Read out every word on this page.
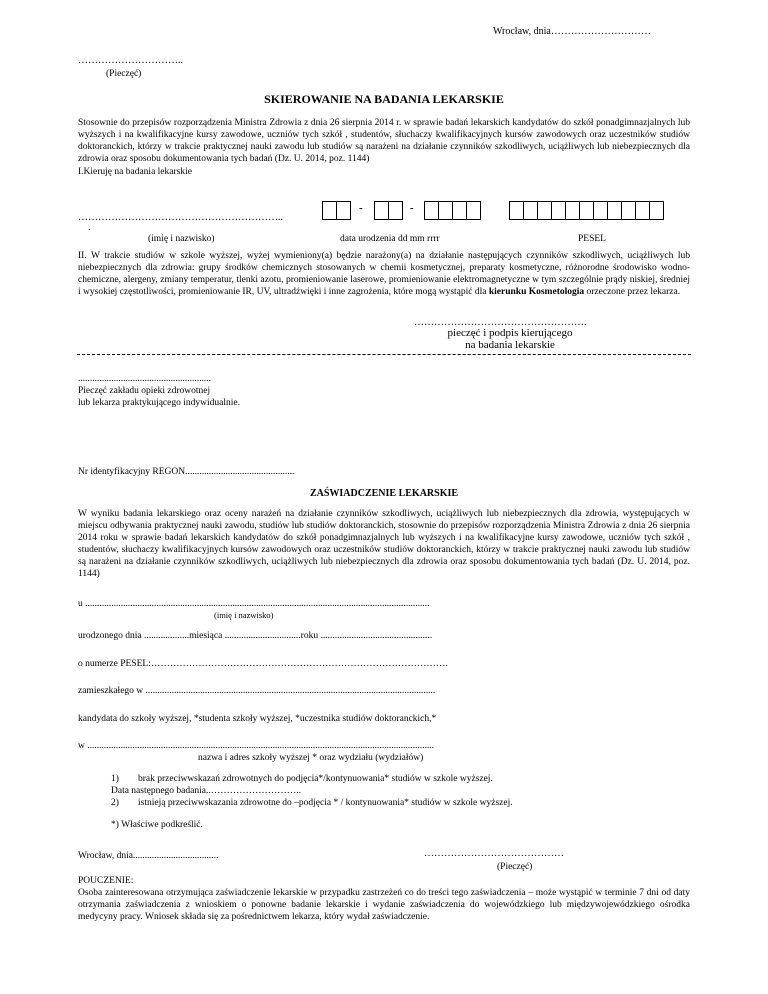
Wrocław, dnia…………………………
…………………………..
(Pieczęć)
SKIEROWANIE NA BADANIA LEKARSKIE
Stosownie do przepisów rozporządzenia Ministra Zdrowia z dnia 26 sierpnia 2014 r. w sprawie badań lekarskich kandydatów do szkół ponadgimnazjalnych lub wyższych i na kwalifikacyjne kursy zawodowe, uczniów tych szkół , studentów, słuchaczy kwalifikacyjnych kursów zawodowych oraz uczestników studiów doktoranckich, którzy w trakcie praktycznej nauki zawodu lub studiów są narażeni na działanie czynników szkodliwych, uciążliwych lub niebezpiecznych dla zdrowia oraz sposobu dokumentowania tych badań (Dz. U. 2014, poz. 1144)
I.Kieruję na badania lekarskie
……………………………………………………..
.
(imię i nazwisko)
-	-
data urodzenia dd mm rrrr	PESEL
II. W trakcie studiów w szkole wyższej, wyżej wymieniony(a) będzie narażony(a) na działanie następujących czynników szkodliwych, uciążliwych lub niebezpiecznych dla zdrowia: grupy środków chemicznych stosowanych w chemii kosmetycznej, preparaty kosmetyczne, różnorodne środowisko wodno-chemiczne, alergeny, zmiany temperatur, tlenki azotu, promieniowanie laserowe, promieniowanie elektromagnetyczne w tym szczególnie prądy niskiej, średniej i wysokiej częstotliwości, promieniowanie IR, UV, ultradźwięki i inne zagrożenia, które mogą wystąpić dla kierunku Kosmetologia orzeczone przez lekarza.
…………………………………………….
pieczęć i podpis kierującego
na badania lekarskie
........................................................
Pieczęć zakładu opieki zdrowotnej
lub lekarza praktykującego indywidualnie.
Nr identyfikacyjny REGON..............................................
ZAŚWIADCZENIE LEKARSKIE
W wyniku badania lekarskiego oraz oceny narażeń na działanie czynników szkodliwych, uciążliwych lub niebezpiecznych dla zdrowia, występujących w miejscu odbywania praktycznej nauki zawodu, studiów lub studiów doktoranckich, stosownie do przepisów rozporządzenia Ministra Zdrowia z dnia 26 sierpnia 2014 roku w sprawie badań lekarskich kandydatów do szkół ponadgimnazjalnych lub wyższych i na kwalifikacyjne kursy zawodowe, uczniów tych szkół , studentów, słuchaczy kwalifikacyjnych kursów zawodowych oraz uczestników studiów doktoranckich, którzy w trakcie praktycznej nauki zawodu lub studiów są narażeni na działanie czynników szkodliwych, uciążliwych lub niebezpiecznych dla zdrowia oraz sposobu dokumentowania tych badań (Dz. U. 2014, poz. 1144)
u .................................................................................................................................................
(imię i nazwisko)
urodzonego dnia ...................miesiąca ................................roku ...............................................
o numerze PESEL:………………………………………………………………………………….
zamieszkałego w ..........................................................................................................................
kandydata do szkoły wyższej, *studenta szkoły wyższej, *uczestnika studiów doktoranckich,*
w ..................................................................................................................................................
nazwa i adres szkoły wyższej * oraz wydziału (wydziałów)
1) brak przeciwwskazań zdrowotnych do podjęcia*/kontynuowania* studiów w szkole wyższej.
Data następnego badania..………………………..
2) istnieją przeciwwskazania zdrowotne do –podjęcia * / kontynuowania* studiów w szkole wyższej.
*) Właściwe podkreślić.
Wrocław, dnia....................................	……………………………………
(Pieczęć)
POUCZENIE:
Osoba zainteresowana otrzymująca zaświadczenie lekarskie w przypadku zastrzeżeń co do treści tego zaświadczenia – może wystąpić w terminie 7 dni od daty otrzymania zaświadczenia z wnioskiem o ponowne badanie lekarskie i wydanie zaświadczenia do wojewódzkiego lub międzywojewódzkiego ośrodka medycyny pracy. Wniosek składa się za pośrednictwem lekarza, który wydał zaświadczenie.
